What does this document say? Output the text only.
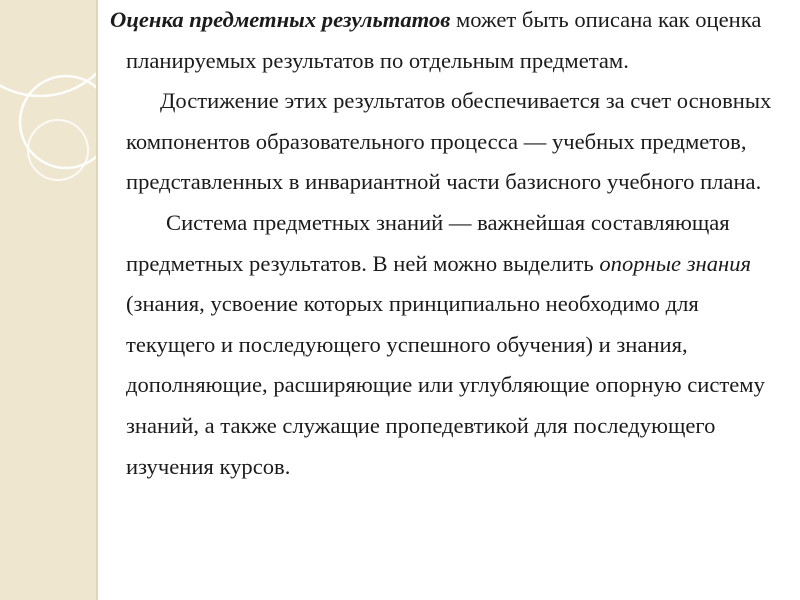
Оценка предметных результатов может быть описана как оценка планируемых результатов по отдельным предметам.

Достижение этих результатов обеспечивается за счет основных компонентов образовательного процесса — учебных предметов, представленных в инвариантной части базисного учебного плана.

Система предметных знаний — важнейшая составляющая предметных результатов. В ней можно выделить опорные знания (знания, усвоение которых принципиально необходимо для текущего и последующего успешного обучения) и знания, дополняющие, расширяющие или углубляющие опорную систему знаний, а также служащие пропедевтикой для последующего изучения курсов.
